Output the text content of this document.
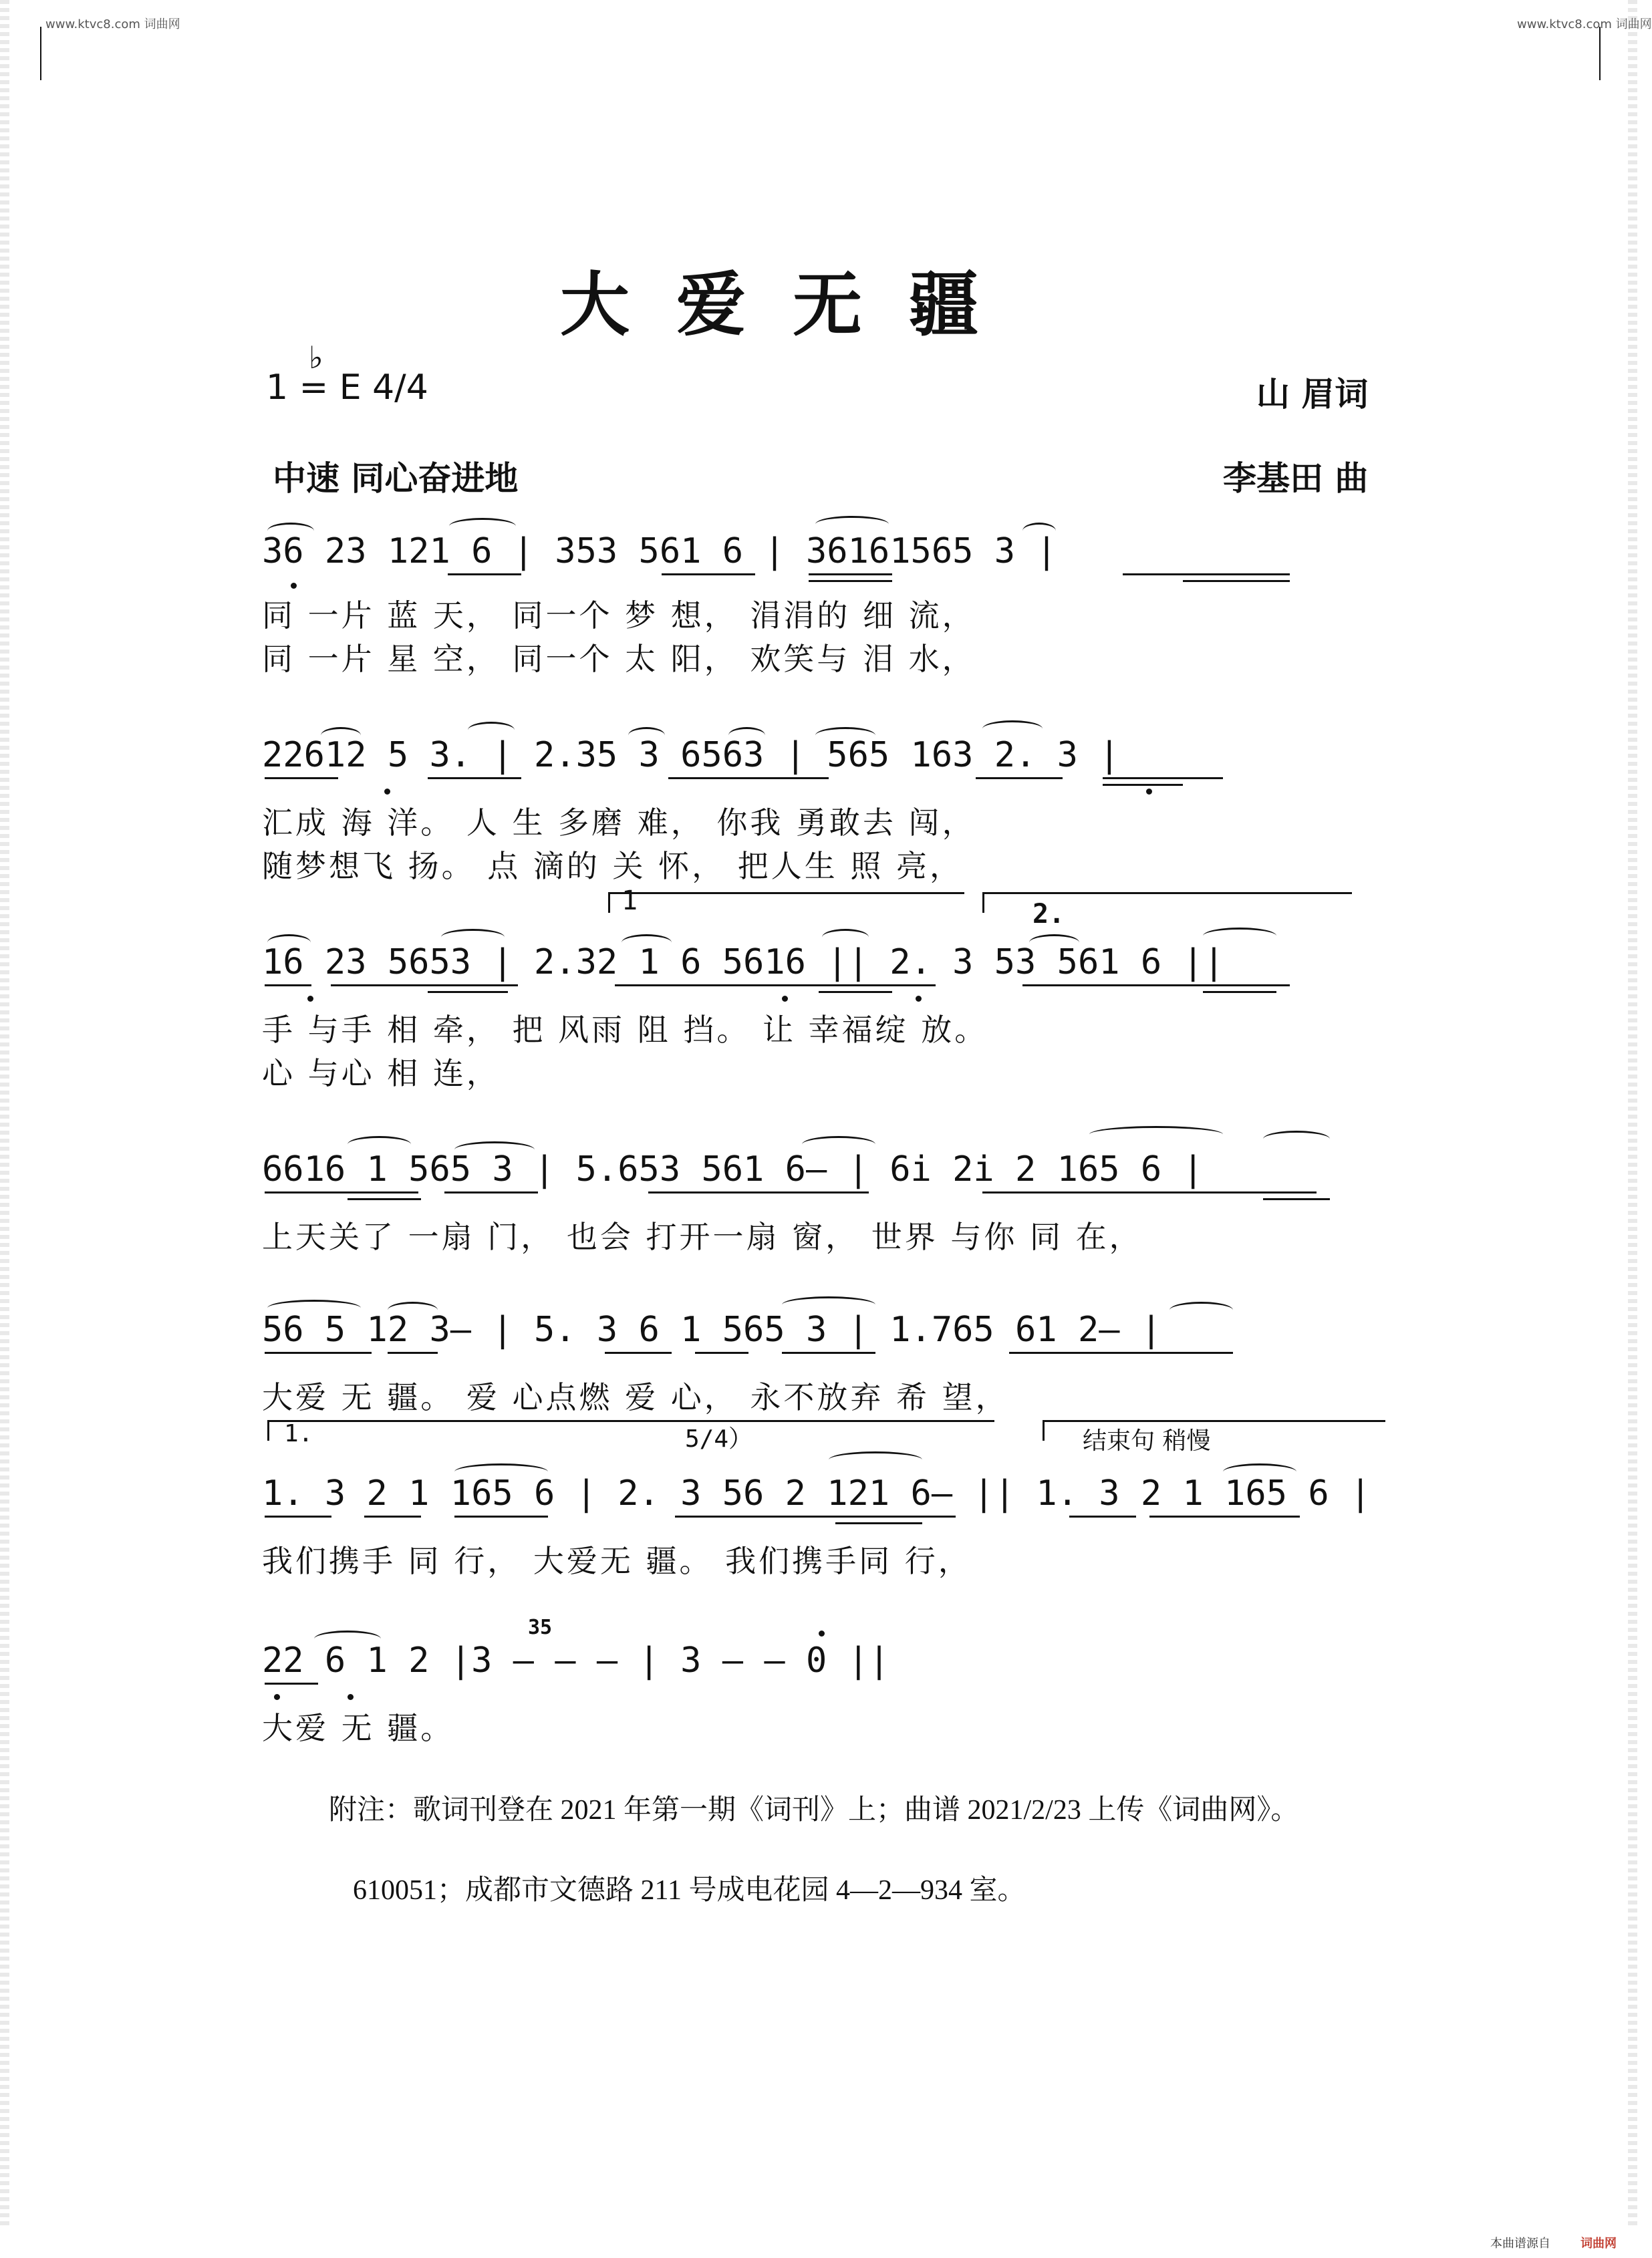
www.ktvc8.com 词曲网	www.ktvc8.com 词曲网
大爱无疆
1 = E 4/4
♭
山 眉词
中速 同心奋进地	李基田 曲
36 23 121 6 | 353 561 6 | 36161565 3 |
同 一片 蓝 天， 同一个 梦 想， 涓涓的 细 流，
同 一片 星 空， 同一个 太 阳， 欢笑与 泪 水，
22612 5 3. | 2.35 3 6563 | 565 163 2. 3 |
汇成 海 洋。 人 生 多磨 难， 你我 勇敢去 闯，
随梦想飞 扬。 点 滴的 关 怀， 把人生 照 亮，
1	2.
16 23 5653 | 2.32 1 6 5616 || 2. 3 53 561 6 ||
手 与手 相 牵， 把 风雨 阻 挡。 让 幸福绽 放。
心 与心 相 连，
6616 1 565 3 | 5.653 561 6— | 6i 2i 2 165 6 |
上天关了 一扇 门， 也会 打开一扇 窗， 世界 与你 同 在，
56 5 12 3— | 5. 3 6 1 565 3 | 1.765 61 2— |
大爱 无 疆。 爱 心点燃 爱 心， 永不放弃 希 望，
1.	5/4）	结束句 稍慢
1. 3 2 1 165 6 | 2. 3 56 2 121 6— || 1. 3 2 1 165 6 |
我们携手 同 行， 大爱无 疆。 我们携手同 行，
35
22 6 1 2 |3 — — — | 3 — — 0 ||
大爱 无 疆。
附注：歌词刊登在 2021 年第一期《词刊》上；曲谱 2021/2/23 上传《词曲网》。
610051；成都市文德路 211 号成电花园 4—2—934 室。
本曲谱源自	词曲网
